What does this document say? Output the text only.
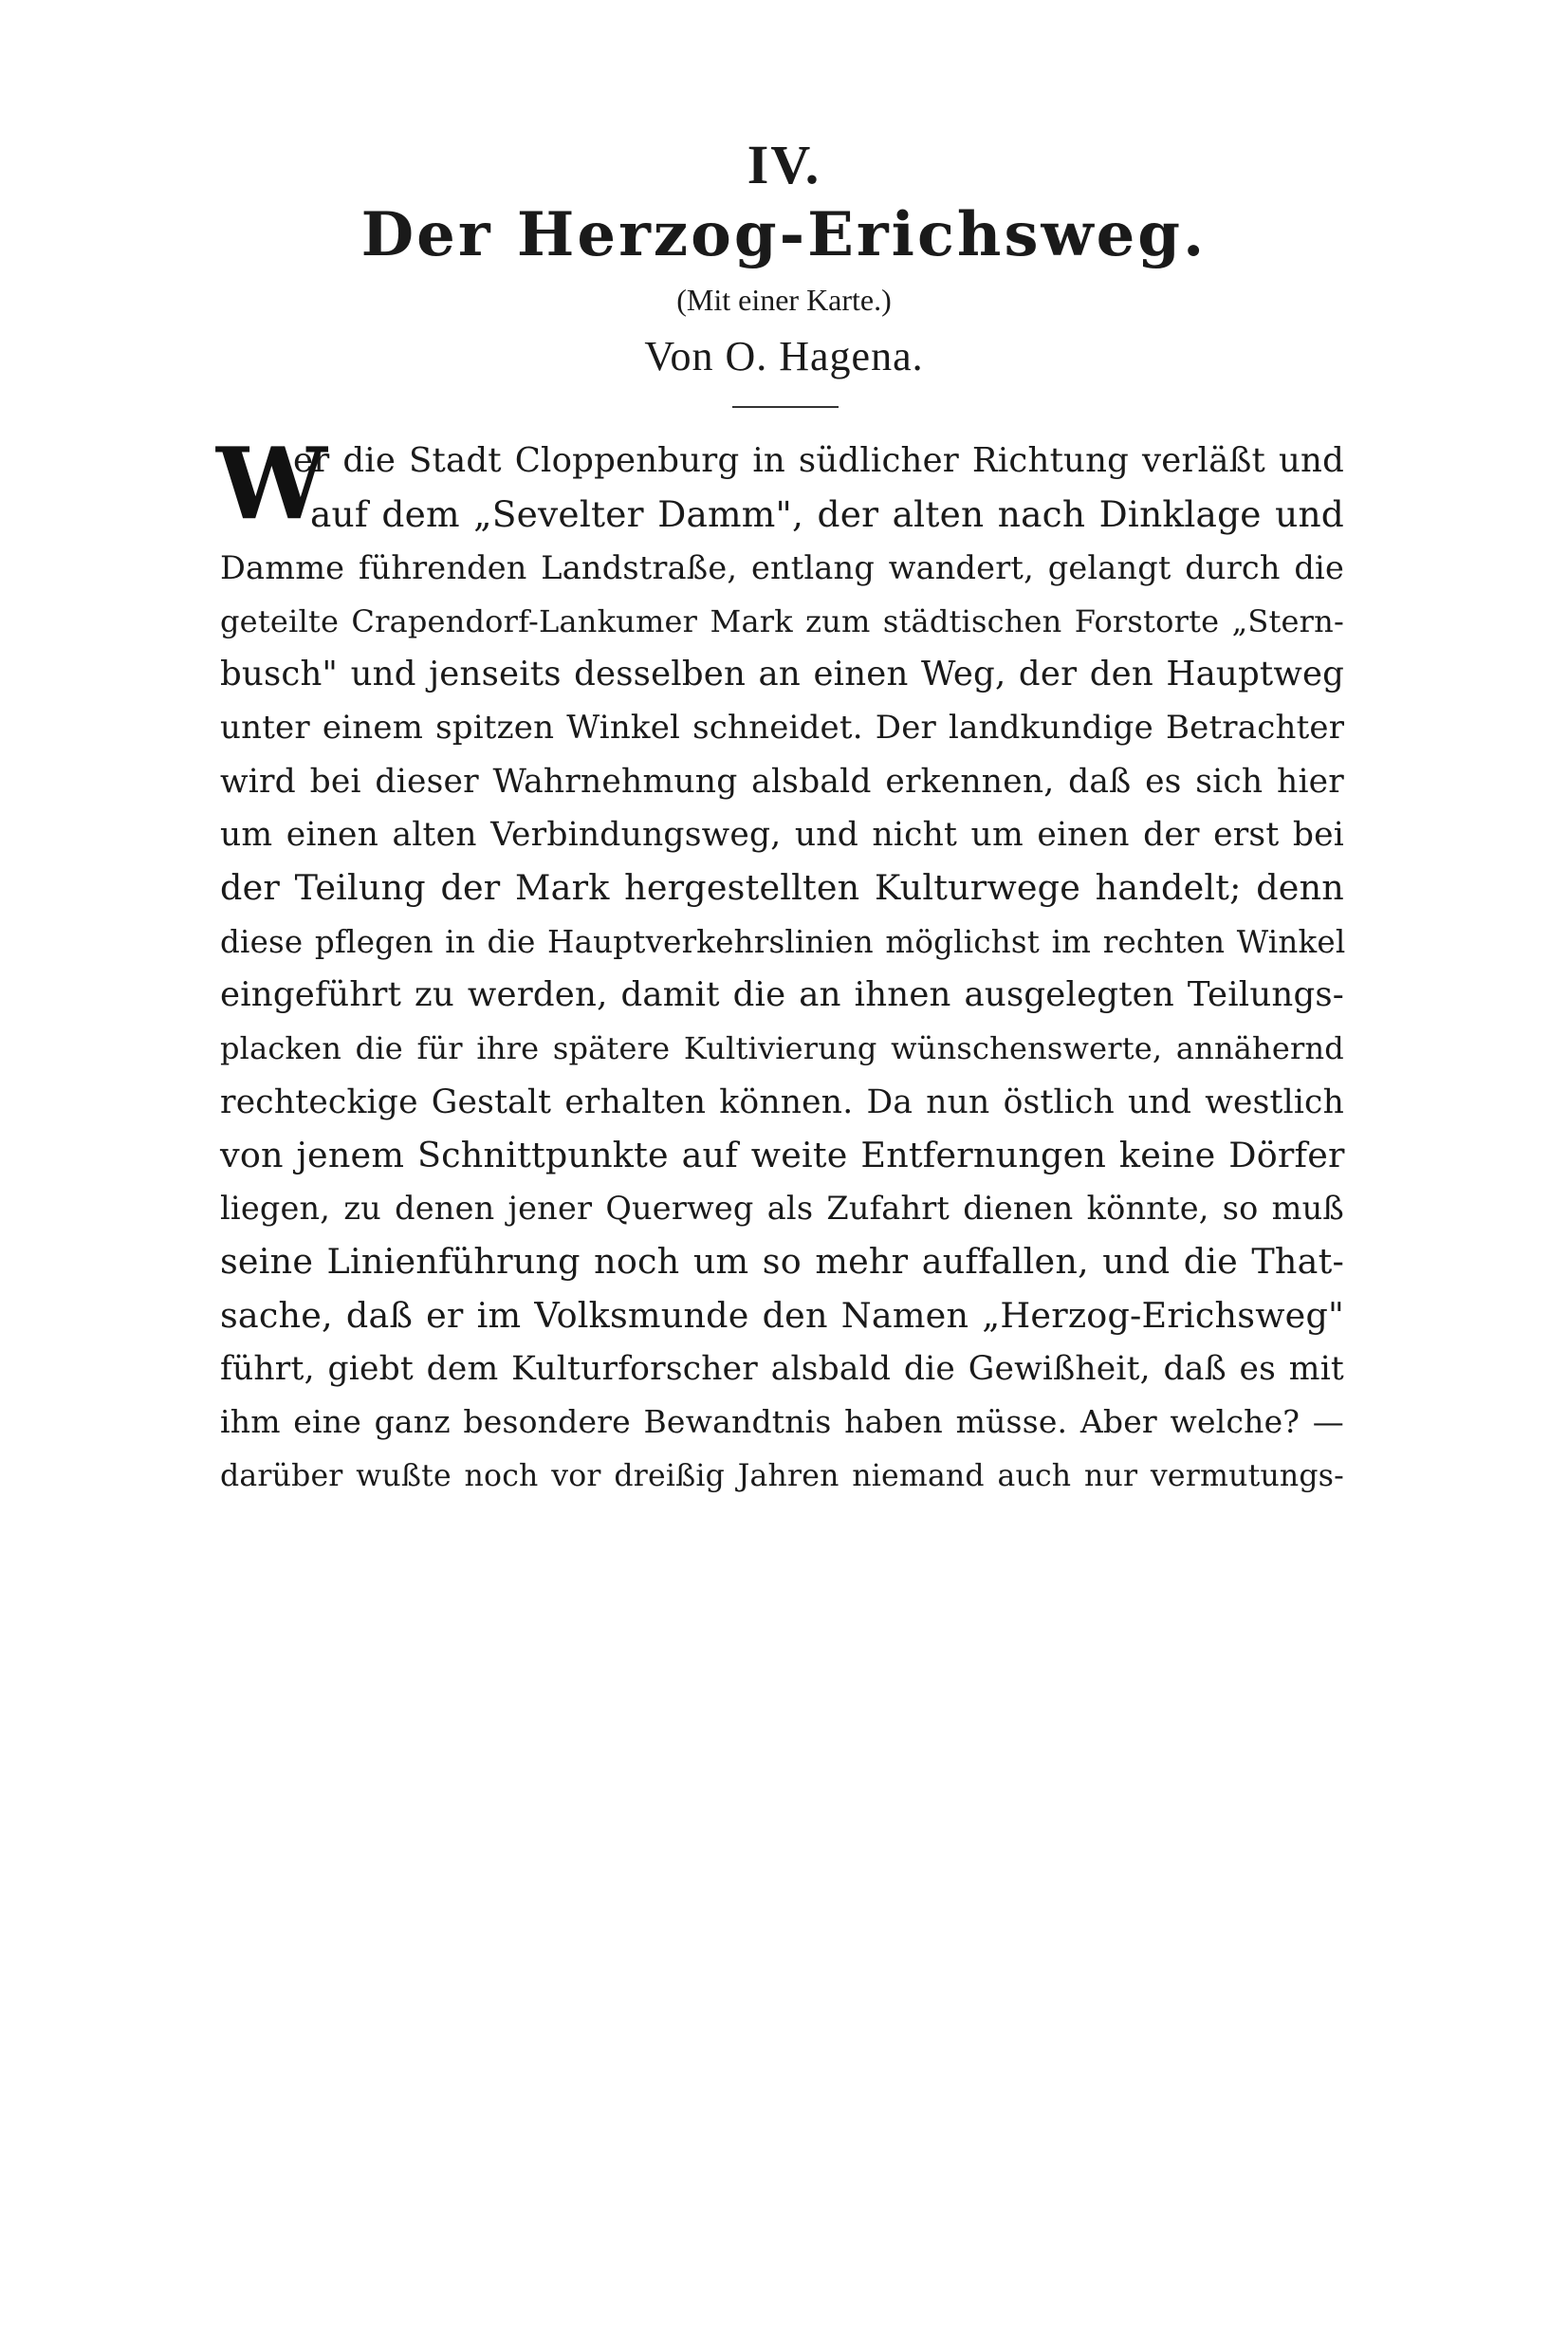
IV.
Der Herzog-Erichsweg.
(Mit einer Karte.)
Von O. Hagena.
W
er die Stadt Cloppenburg in südlicher Richtung verläßt und
auf dem „Sevelter Damm", der alten nach Dinklage und
Damme führenden Landstraße, entlang wandert, gelangt durch die
geteilte Crapendorf-Lankumer Mark zum städtischen Forstorte „Stern-
busch" und jenseits desselben an einen Weg, der den Hauptweg
unter einem spitzen Winkel schneidet. Der landkundige Betrachter
wird bei dieser Wahrnehmung alsbald erkennen, daß es sich hier
um einen alten Verbindungsweg, und nicht um einen der erst bei
der Teilung der Mark hergestellten Kulturwege handelt; denn
diese pflegen in die Hauptverkehrslinien möglichst im rechten Winkel
eingeführt zu werden, damit die an ihnen ausgelegten Teilungs-
placken die für ihre spätere Kultivierung wünschenswerte, annähernd
rechteckige Gestalt erhalten können. Da nun östlich und westlich
von jenem Schnittpunkte auf weite Entfernungen keine Dörfer
liegen, zu denen jener Querweg als Zufahrt dienen könnte, so muß
seine Linienführung noch um so mehr auffallen, und die That-
sache, daß er im Volksmunde den Namen „Herzog-Erichsweg"
führt, giebt dem Kulturforscher alsbald die Gewißheit, daß es mit
ihm eine ganz besondere Bewandtnis haben müsse. Aber welche? —
darüber wußte noch vor dreißig Jahren niemand auch nur vermutungs-
